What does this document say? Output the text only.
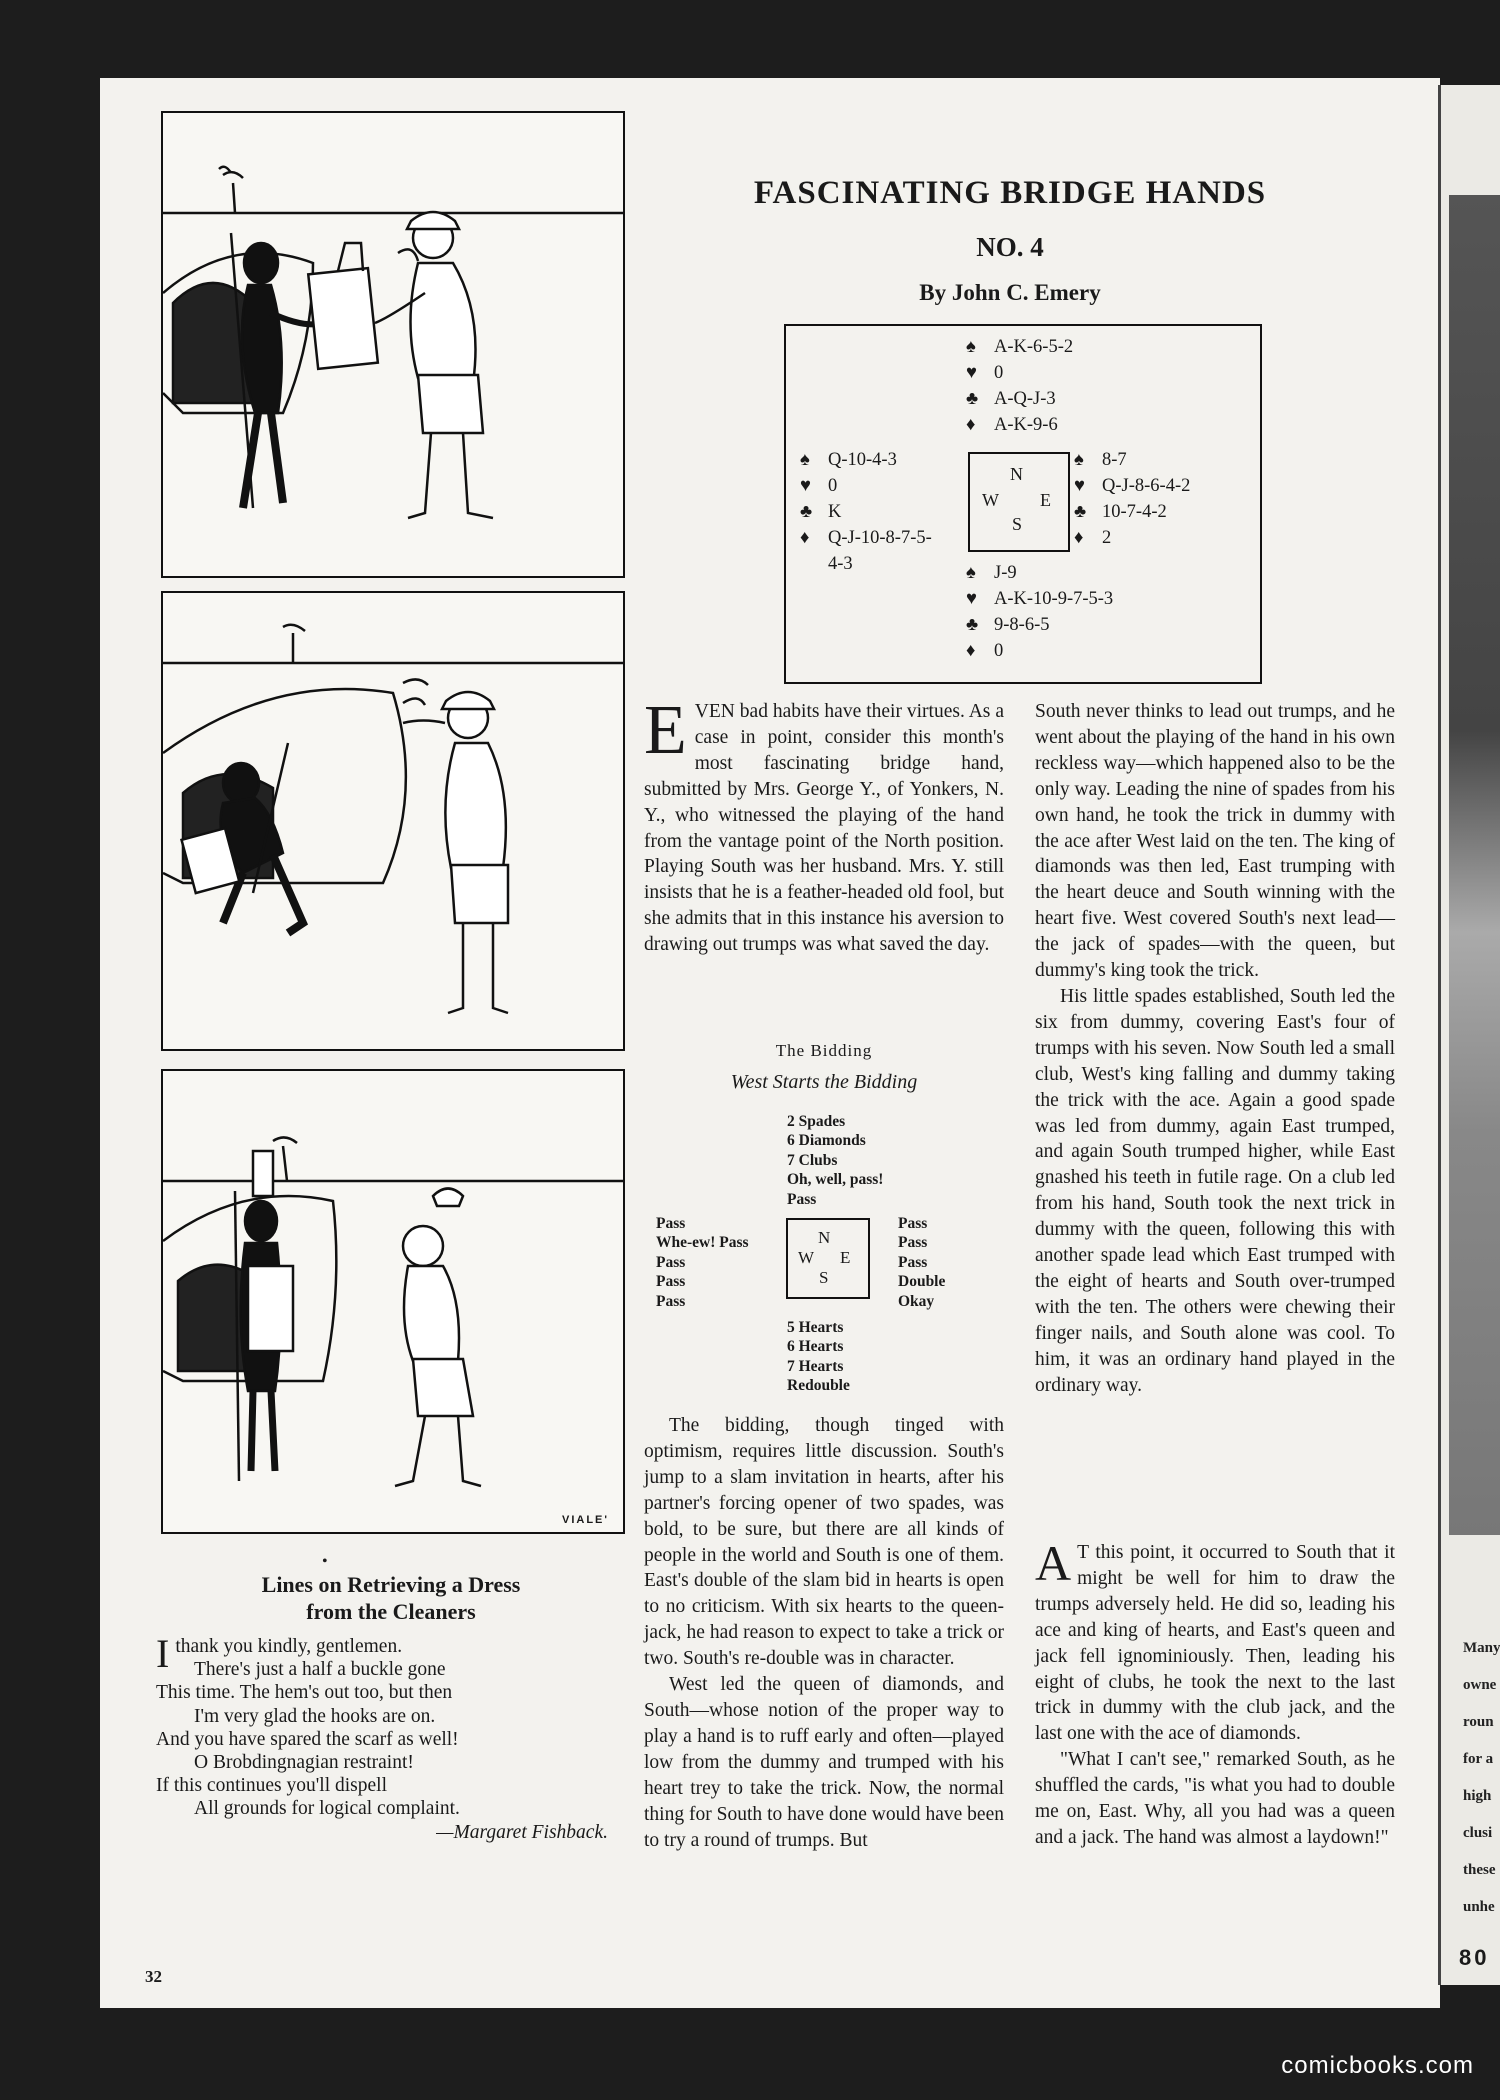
Many
owne
roun
for a
high
clusi
these
unhe
80
VIALE'
•
Lines on Retrieving a Dress
from the Cleaners
Ithank you kindly, gentlemen.
There's just a half a buckle gone
This time. The hem's out too, but then
I'm very glad the hooks are on.
And you have spared the scarf as well!
O Brobdingnagian restraint!
If this continues you'll dispell
All grounds for logical complaint.
—Margaret Fishback.
32
FASCINATING BRIDGE HANDS
NO. 4
By John C. Emery
♠ A-K-6-5-2
♥ 0
♣ A-Q-J-3
♦ A-K-9-6
♠ Q-10-4-3
♥ 0
♣ K
♦ Q-J-10-8-7-5-
4-3
N
W E
S
♠ 8-7
♥ Q-J-8-6-4-2
♣ 10-7-4-2
♦ 2
♠ J-9
♥ A-K-10-9-7-5-3
♣ 9-8-6-5
♦ 0

EVEN bad habits have their virtues. As a case in point, consider this month's most fascinating bridge hand, submitted by Mrs. George Y., of Yonkers, N. Y., who witnessed the playing of the hand from the vantage point of the North position. Playing South was her husband. Mrs. Y. still insists that he is a feather-headed old fool, but she admits that in this instance his aversion to drawing out trumps was what saved the day.

The Bidding
West Starts the Bidding
2 Spades
6 Diamonds
7 Clubs
Oh, well, pass!
Pass
Pass
Whe-ew! Pass
Pass
Pass
Pass
N
W E
S
Pass
Pass
Pass
Double
Okay
5 Hearts
6 Hearts
7 Hearts
Redouble

The bidding, though tinged with optimism, requires little discussion. South's jump to a slam invitation in hearts, after his partner's forcing opener of two spades, was bold, to be sure, but there are all kinds of people in the world and South is one of them. East's double of the slam bid in hearts is open to no criticism. With six hearts to the queen-jack, he had reason to expect to take a trick or two. South's re-double was in character.

West led the queen of diamonds, and South—whose notion of the proper way to play a hand is to ruff early and often—played low from the dummy and trumped with his heart trey to take the trick. Now, the normal thing for South to have done would have been to try a round of trumps. But

South never thinks to lead out trumps, and he went about the playing of the hand in his own reckless way—which happened also to be the only way. Leading the nine of spades from his own hand, he took the trick in dummy with the ace after West laid on the ten. The king of diamonds was then led, East trumping with the heart deuce and South winning with the heart five. West covered South's next lead—the jack of spades—with the queen, but dummy's king took the trick.

His little spades established, South led the six from dummy, covering East's four of trumps with his seven. Now South led a small club, West's king falling and dummy taking the trick with the ace. Again a good spade was led from dummy, again East trumped, and again South trumped higher, while East gnashed his teeth in futile rage. On a club led from his hand, South took the next trick in dummy with the queen, following this with another spade lead which East trumped with the eight of hearts and South over-trumped with the ten. The others were chewing their finger nails, and South alone was cool. To him, it was an ordinary hand played in the ordinary way.

A T this point, it occurred to South that it might be well for him to draw the trumps adversely held. He did so, leading his ace and king of hearts, and East's queen and jack fell ignominiously. Then, leading his eight of clubs, he took the next to the last trick in dummy with the club jack, and the last one with the ace of diamonds.

"What I can't see," remarked South, as he shuffled the cards, "is what you had to double me on, East. Why, all you had was a queen and a jack. The hand was almost a laydown!"

comicbooks.com
